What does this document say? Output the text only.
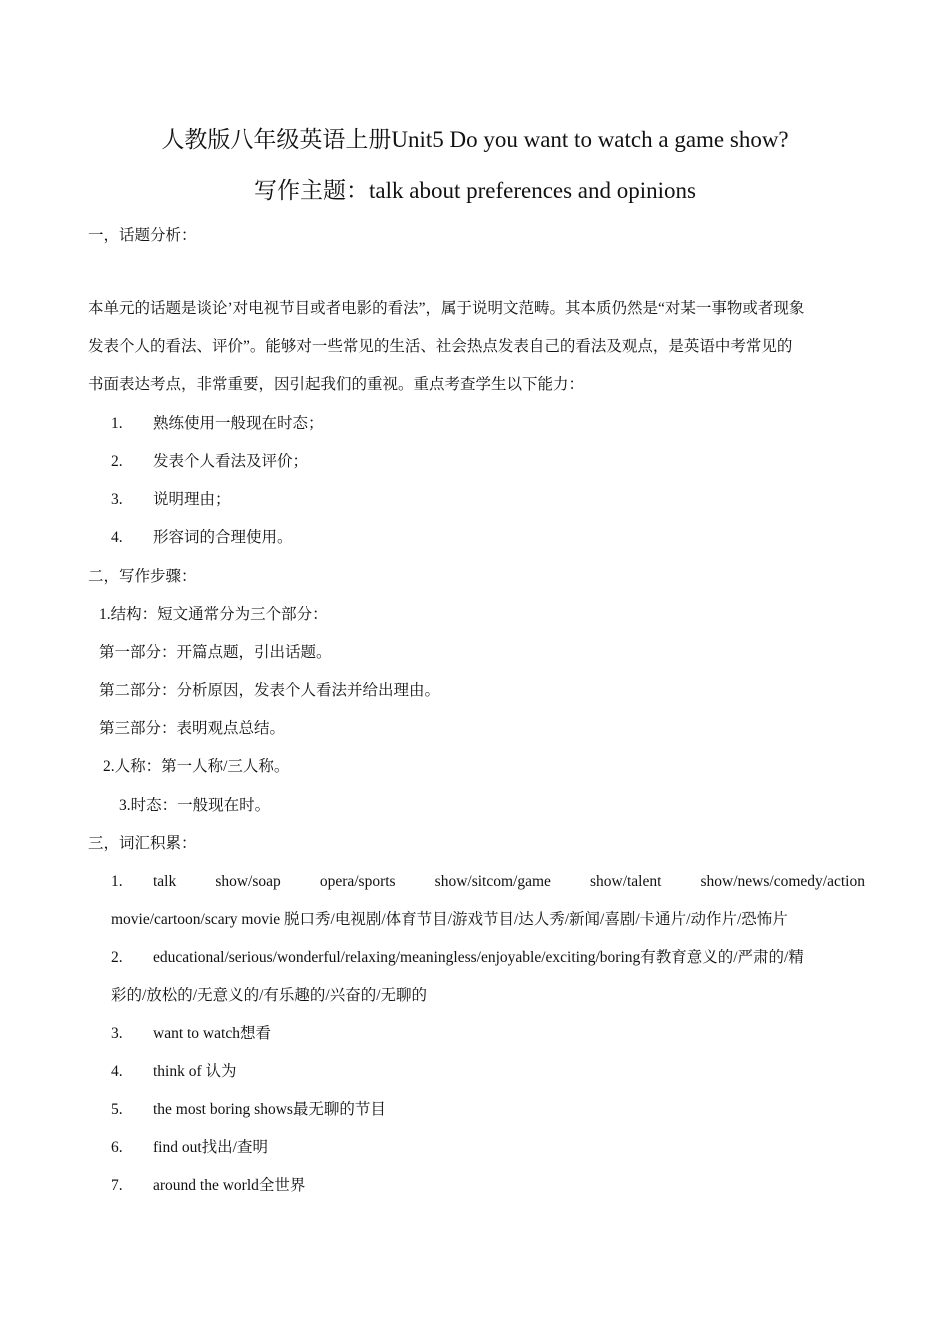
人教版八年级英语上册Unit5 Do you want to watch a game show?
写作主题：talk about preferences and opinions
一，话题分析：
本单元的话题是谈论’对电视节目或者电影的看法”，属于说明文范畴。其本质仍然是“对某一事物或者现象
发表个人的看法、评价”。能够对一些常见的生活、社会热点发表自己的看法及观点，是英语中考常见的
书面表达考点，非常重要，因引起我们的重视。重点考查学生以下能力：
1. 熟练使用一般现在时态；
2. 发表个人看法及评价；
3. 说明理由；
4. 形容词的合理使用。
二，写作步骤：
1.结构：短文通常分为三个部分：
第一部分：开篇点题，引出话题。
第二部分：分析原因，发表个人看法并给出理由。
第三部分：表明观点总结。
2.人称：第一人称/三人称。
3.时态：一般现在时。
三，词汇积累：
1. talk	show/soap	opera/sports	show/sitcom/game	show/talent	show/news/comedy/action
movie/cartoon/scary movie 脱口秀/电视剧/体育节目/游戏节目/达人秀/新闻/喜剧/卡通片/动作片/恐怖片
2. educational/serious/wonderful/relaxing/meaningless/enjoyable/exciting/boring有教育意义的/严肃的/精
彩的/放松的/无意义的/有乐趣的/兴奋的/无聊的
3. want to watch想看
4. think of 认为
5. the most boring shows最无聊的节目
6. find out找出/查明
7. around the world全世界
